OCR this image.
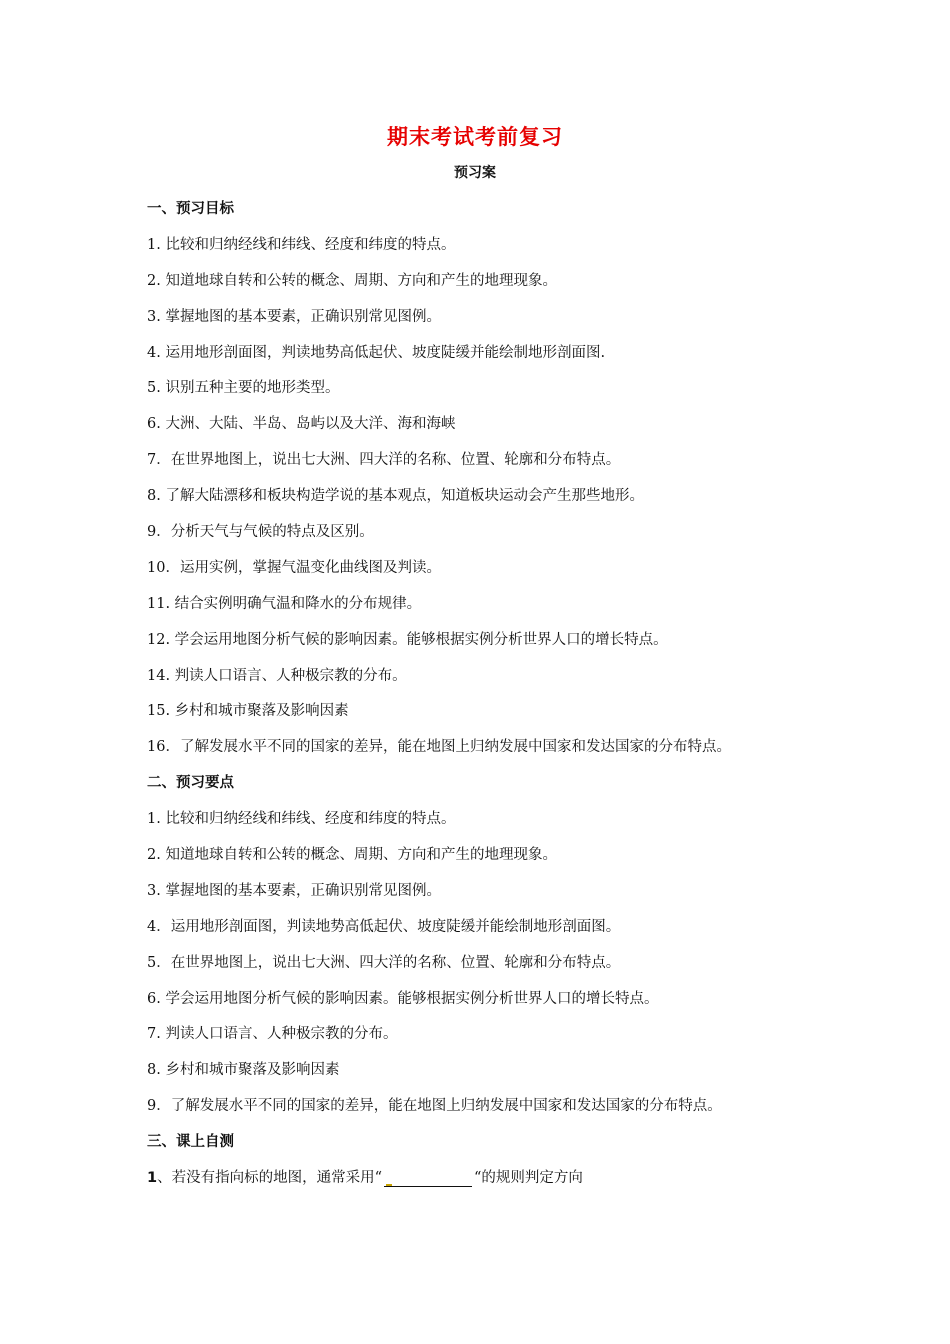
期末考试考前复习
预习案
一、预习目标
1. 比较和归纳经线和纬线、经度和纬度的特点。
2. 知道地球自转和公转的概念、周期、方向和产生的地理现象。
3. 掌握地图的基本要素，正确识别常见图例。
4. 运用地形剖面图，判读地势高低起伏、坡度陡缓并能绘制地形剖面图.
5. 识别五种主要的地形类型。
6. 大洲、大陆、半岛、岛屿以及大洋、海和海峡
7．在世界地图上，说出七大洲、四大洋的名称、位置、轮廓和分布特点。
8. 了解大陆漂移和板块构造学说的基本观点，知道板块运动会产生那些地形。
9．分析天气与气候的特点及区别。
10．运用实例，掌握气温变化曲线图及判读。
11. 结合实例明确气温和降水的分布规律。
12. 学会运用地图分析气候的影响因素。能够根据实例分析世界人口的增长特点。
14. 判读人口语言、人种极宗教的分布。
15. 乡村和城市聚落及影响因素
16．了解发展水平不同的国家的差异，能在地图上归纳发展中国家和发达国家的分布特点。
二、预习要点
1. 比较和归纳经线和纬线、经度和纬度的特点。
2. 知道地球自转和公转的概念、周期、方向和产生的地理现象。
3. 掌握地图的基本要素，正确识别常见图例。
4．运用地形剖面图，判读地势高低起伏、坡度陡缓并能绘制地形剖面图。
5．在世界地图上，说出七大洲、四大洋的名称、位置、轮廓和分布特点。
6. 学会运用地图分析气候的影响因素。能够根据实例分析世界人口的增长特点。
7. 判读人口语言、人种极宗教的分布。
8. 乡村和城市聚落及影响因素
9．了解发展水平不同的国家的差异，能在地图上归纳发展中国家和发达国家的分布特点。
三、课上自测
1、若没有指向标的地图，通常采用“	“的规则判定方向
